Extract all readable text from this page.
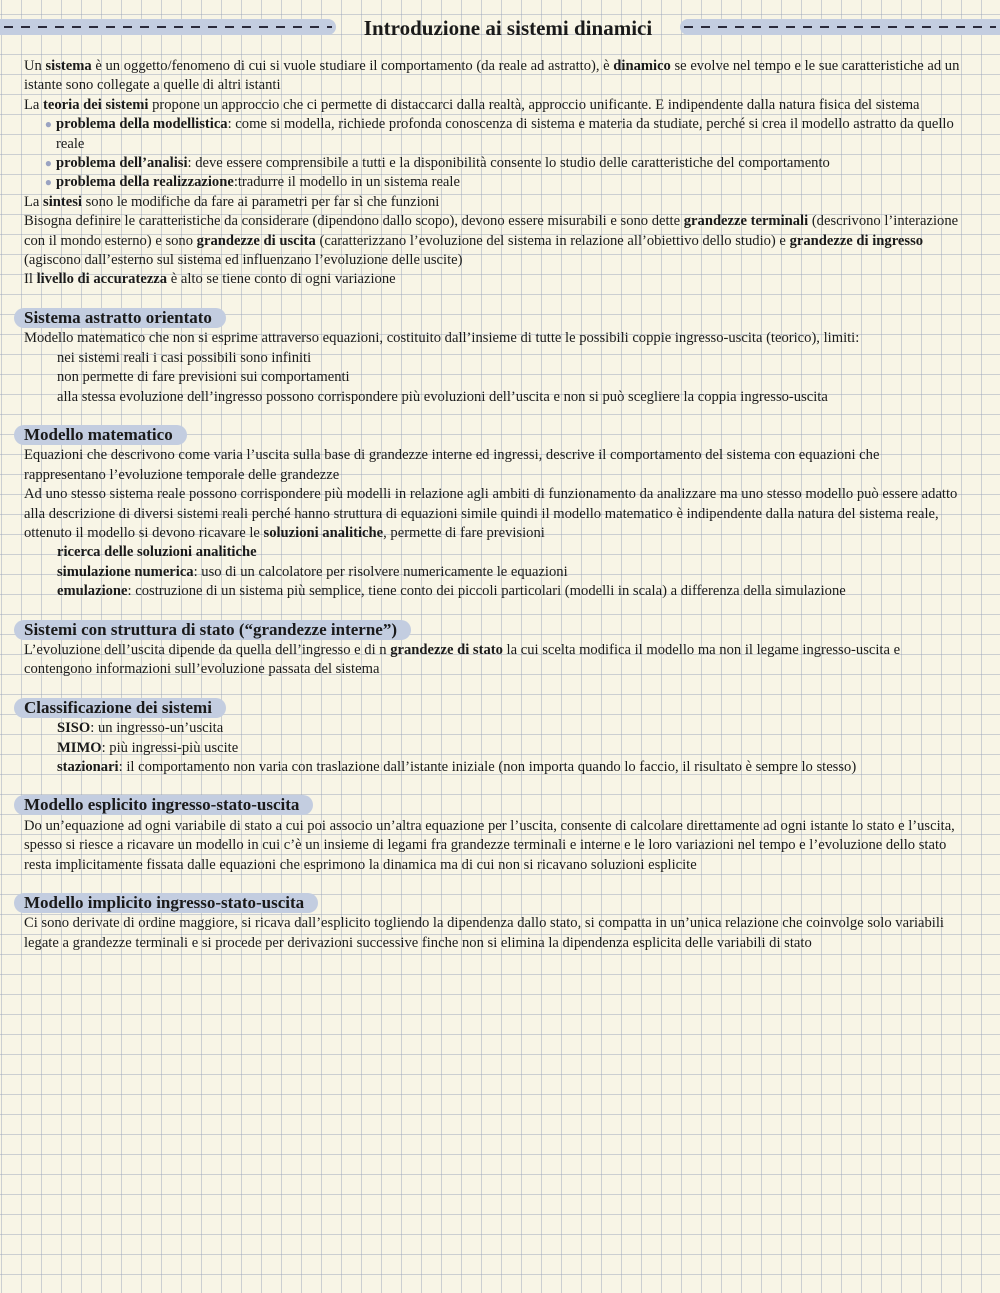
Introduzione ai sistemi dinamici

Un sistema è un oggetto/fenomeno di cui si vuole studiare il comportamento (da reale ad astratto), è dinamico se evolve nel tempo e le sue caratteristiche ad un istante sono collegate a quelle di altri istanti

La teoria dei sistemi propone un approccio che ci permette di distaccarci dalla realtà, approccio unificante. E indipendente dalla natura fisica del sistema

● problema della modellistica: come si modella, richiede profonda conoscenza di sistema e materia da studiate, perché si crea il modello astratto da quello reale

● problema dell’analisi: deve essere comprensibile a tutti e la disponibilità consente lo studio delle caratteristiche del comportamento

● problema della realizzazione:tradurre il modello in un sistema reale

La sintesi sono le modifiche da fare ai parametri per far sì che funzioni

Bisogna definire le caratteristiche da considerare (dipendono dallo scopo), devono essere misurabili e sono dette grandezze terminali (descrivono l’interazione con il mondo esterno) e sono grandezze di uscita (caratterizzano l’evoluzione del sistema in relazione all’obiettivo dello studio) e grandezze di ingresso (agiscono dall’esterno sul sistema ed influenzano l’evoluzione delle uscite)

Il livello di accuratezza è alto se tiene conto di ogni variazione

Sistema astratto orientato

Modello matematico che non si esprime attraverso equazioni, costituito dall’insieme di tutte le possibili coppie ingresso-uscita (teorico), limiti:

nei sistemi reali i casi possibili sono infiniti

non permette di fare previsioni sui comportamenti

alla stessa evoluzione dell’ingresso possono corrispondere più evoluzioni dell’uscita e non si può scegliere la coppia ingresso-uscita

Modello matematico

Equazioni che descrivono come varia l’uscita sulla base di grandezze interne ed ingressi, descrive il comportamento del sistema con equazioni che rappresentano l’evoluzione temporale delle grandezze

Ad uno stesso sistema reale possono corrispondere più modelli in relazione agli ambiti di funzionamento da analizzare ma uno stesso modello può essere adatto alla descrizione di diversi sistemi reali perché hanno struttura di equazioni simile quindi il modello matematico è indipendente dalla natura del sistema reale, ottenuto il modello si devono ricavare le soluzioni analitiche, permette di fare previsioni

ricerca delle soluzioni analitiche

simulazione numerica: uso di un calcolatore per risolvere numericamente le equazioni

emulazione: costruzione di un sistema più semplice, tiene conto dei piccoli particolari (modelli in scala) a differenza della simulazione

Sistemi con struttura di stato (“grandezze interne”)

L’evoluzione dell’uscita dipende da quella dell’ingresso e di n grandezze di stato la cui scelta modifica il modello ma non il legame ingresso-uscita e contengono informazioni sull’evoluzione passata del sistema

Classificazione dei sistemi

SISO: un ingresso-un’uscita

MIMO: più ingressi-più uscite

stazionari: il comportamento non varia con traslazione dall’istante iniziale (non importa quando lo faccio, il risultato è sempre lo stesso)

Modello esplicito ingresso-stato-uscita

Do un’equazione ad ogni variabile di stato a cui poi associo un’altra equazione per l’uscita, consente di calcolare direttamente ad ogni istante lo stato e l’uscita, spesso si riesce a ricavare un modello in cui c’è un insieme di legami fra grandezze terminali e interne e le loro variazioni nel tempo e l’evoluzione dello stato resta implicitamente fissata dalle equazioni che esprimono la dinamica ma di cui non si ricavano soluzioni esplicite

Modello implicito ingresso-stato-uscita

Ci sono derivate di ordine maggiore, si ricava dall’esplicito togliendo la dipendenza dallo stato, si compatta in un’unica relazione che coinvolge solo variabili legate a grandezze terminali e si procede per derivazioni successive finche non si elimina la dipendenza esplicita delle variabili di stato
